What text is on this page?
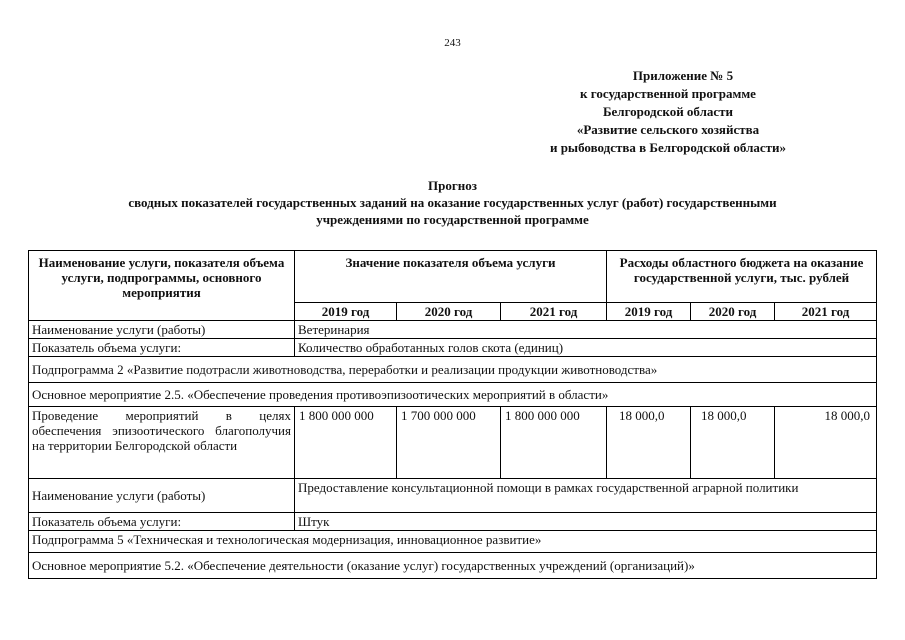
243
Приложение № 5
к государственной программе
Белгородской области
«Развитие сельского хозяйства
и рыбоводства в Белгородской области»
Прогноз
сводных показателей государственных заданий на оказание государственных услуг (работ) государственными
учреждениями по государственной программе
Наименование услуги, показателя объема услуги, подпрограммы, основного мероприятия	Значение показателя объема услуги			Расходы областного бюджета на оказание государственной услуги, тыс. рублей		
	2019 год	2020 год	2021 год	2019 год	2020 год	2021 год
Наименование услуги (работы)	Ветеринария					
Показатель объема услуги:	Количество обработанных голов скота (единиц)					
Подпрограмма 2 «Развитие подотрасли животноводства, переработки и реализации продукции животноводства»						
Основное мероприятие 2.5. «Обеспечение проведения противоэпизоотических мероприятий в области»						
Проведение мероприятий в целях обеспечения эпизоотического благополучия на территории Белгородской области	1 800 000 000	1 700 000 000	1 800 000 000	18 000,0	18 000,0	18 000,0
Наименование услуги (работы)	Предоставление консультационной помощи в рамках государственной аграрной политики					
Показатель объема услуги:	Штук					
Подпрограмма 5 «Техническая и технологическая модернизация, инновационное развитие»						
Основное мероприятие 5.2. «Обеспечение деятельности (оказание услуг) государственных учреждений (организаций)»						
